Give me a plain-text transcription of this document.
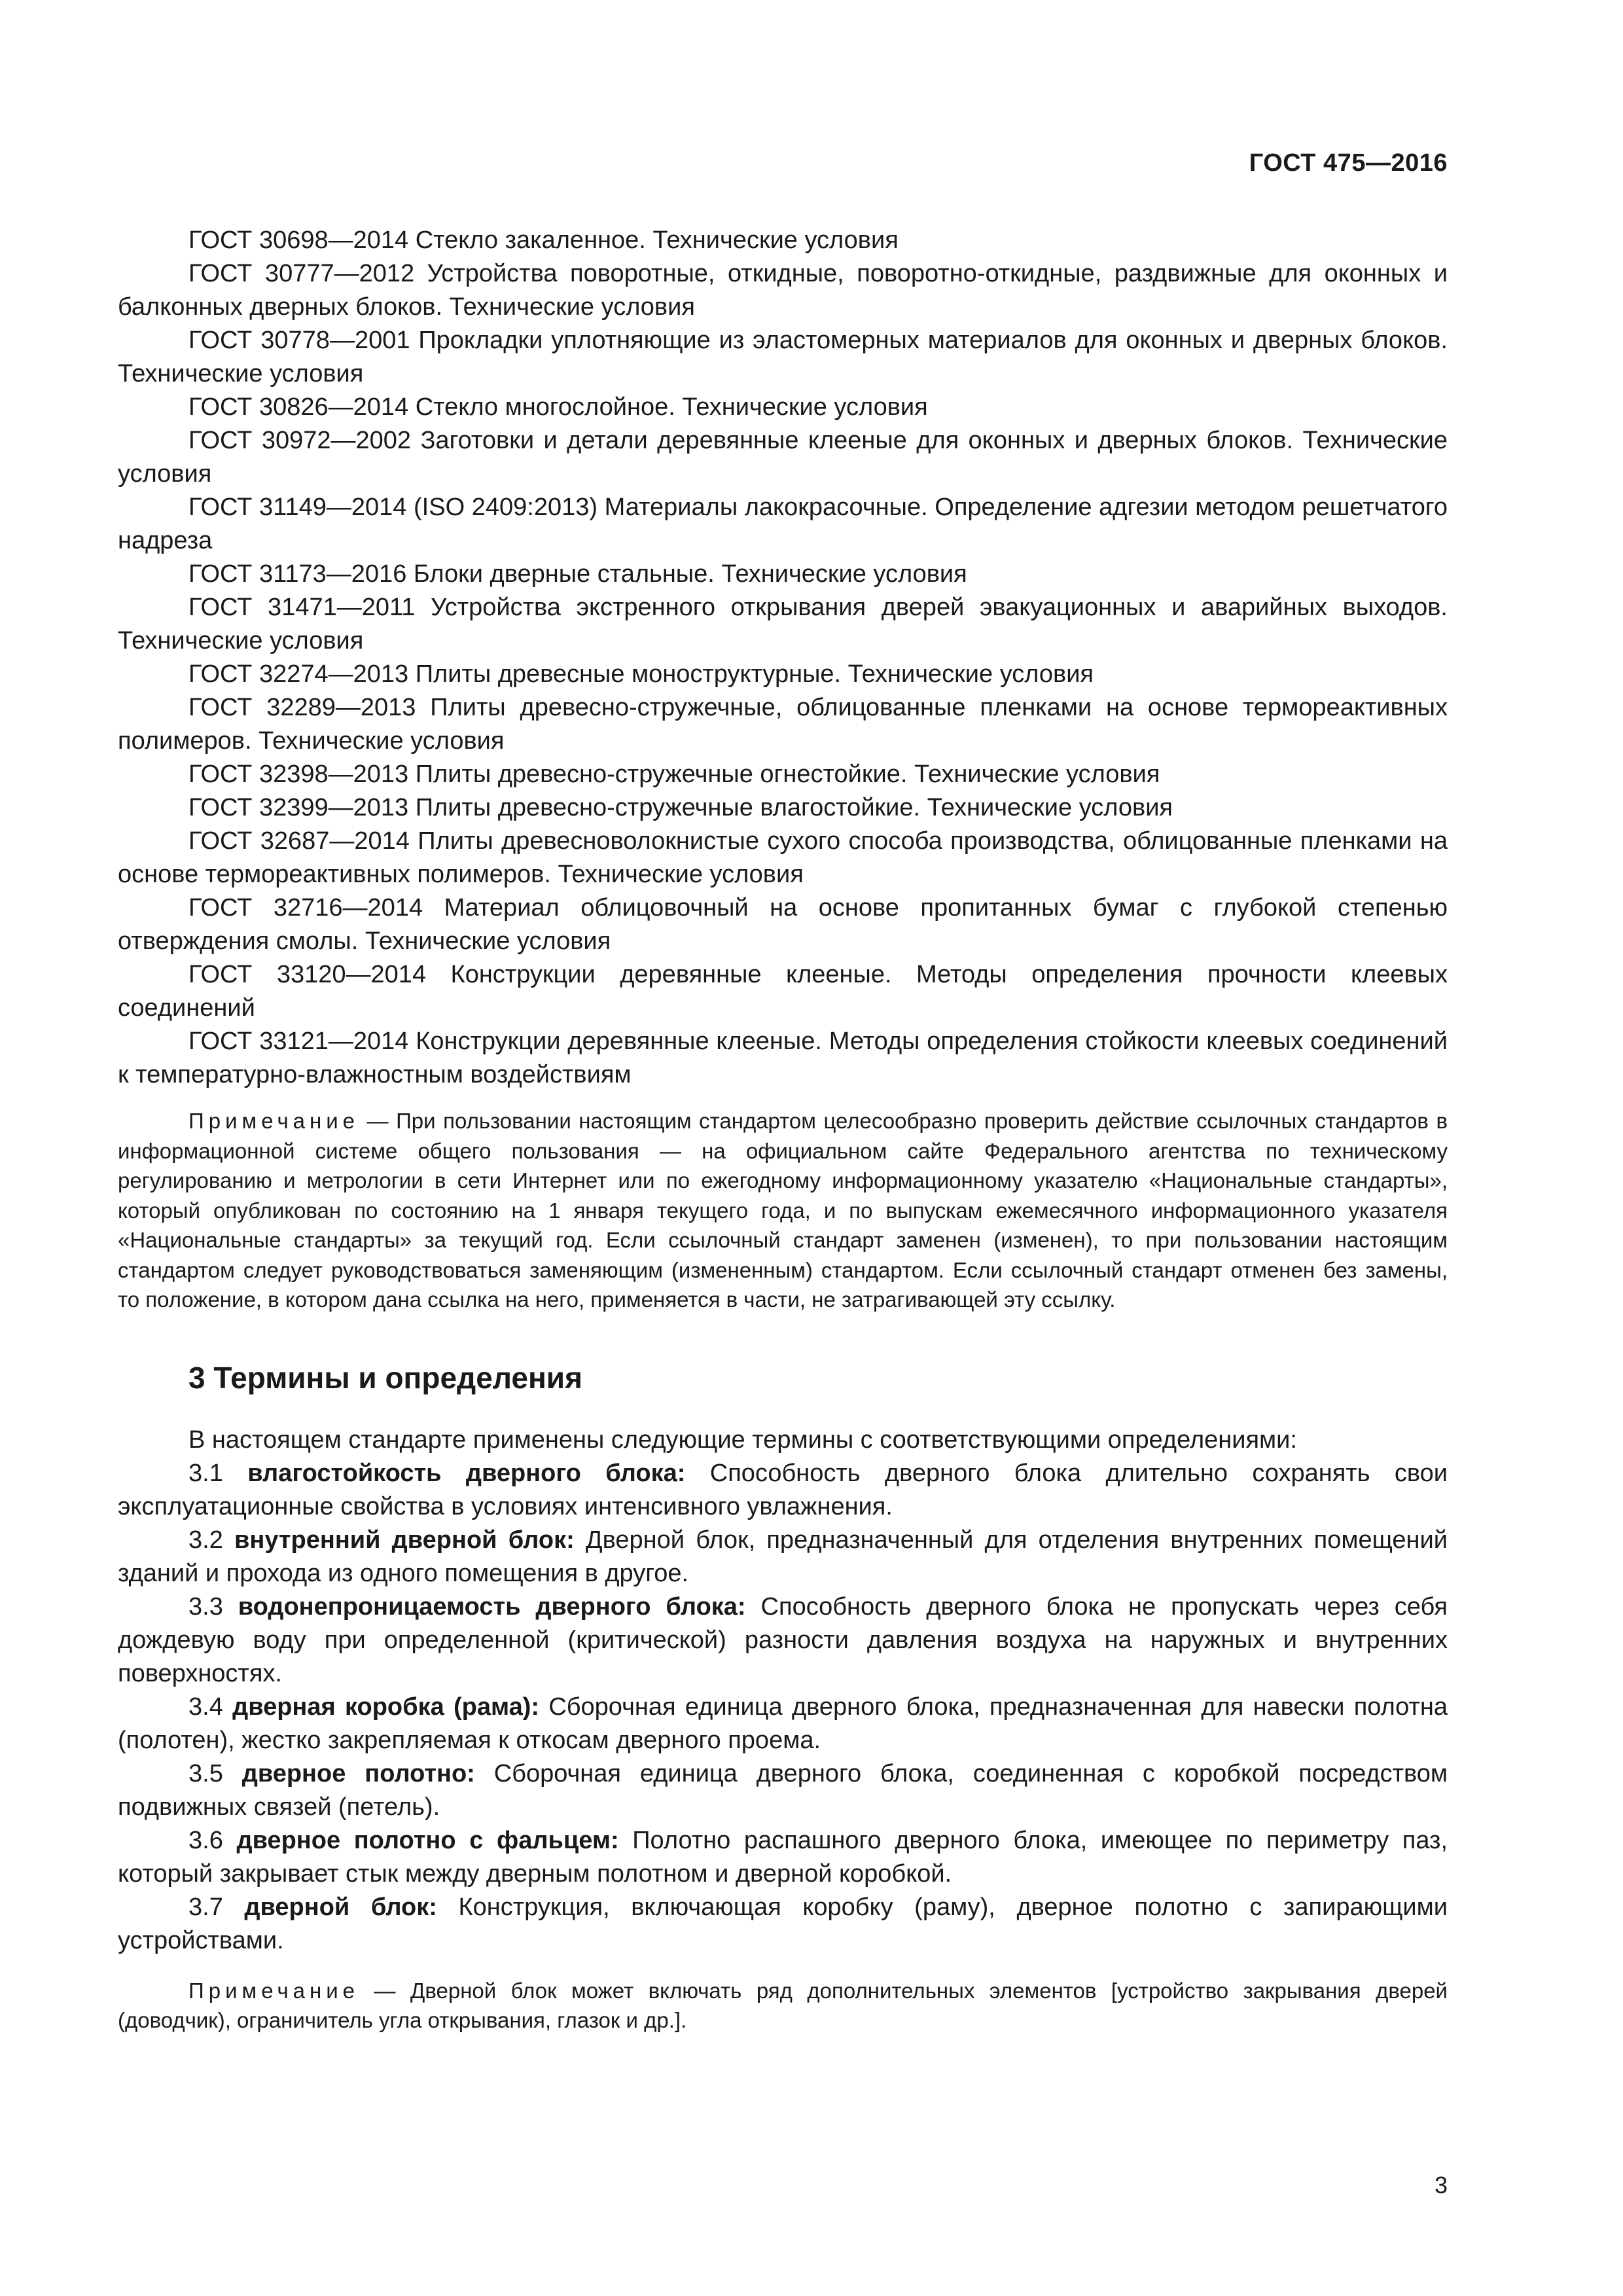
ГОСТ 475—2016

ГОСТ 30698—2014 Стекло закаленное. Технические условия

ГОСТ 30777—2012 Устройства поворотные, откидные, поворотно-откидные, раздвижные для оконных и балконных дверных блоков. Технические условия

ГОСТ 30778—2001 Прокладки уплотняющие из эластомерных материалов для оконных и дверных блоков. Технические условия

ГОСТ 30826—2014 Стекло многослойное. Технические условия

ГОСТ 30972—2002 Заготовки и детали деревянные клееные для оконных и дверных блоков. Технические условия

ГОСТ 31149—2014 (ISO 2409:2013) Материалы лакокрасочные. Определение адгезии методом решетчатого надреза

ГОСТ 31173—2016 Блоки дверные стальные. Технические условия

ГОСТ 31471—2011 Устройства экстренного открывания дверей эвакуационных и аварийных выходов. Технические условия

ГОСТ 32274—2013 Плиты древесные моноструктурные. Технические условия

ГОСТ 32289—2013 Плиты древесно-стружечные, облицованные пленками на основе термореактивных полимеров. Технические условия

ГОСТ 32398—2013 Плиты древесно-стружечные огнестойкие. Технические условия

ГОСТ 32399—2013 Плиты древесно-стружечные влагостойкие. Технические условия

ГОСТ 32687—2014 Плиты древесноволокнистые сухого способа производства, облицованные пленками на основе термореактивных полимеров. Технические условия

ГОСТ 32716—2014 Материал облицовочный на основе пропитанных бумаг с глубокой степенью отверждения смолы. Технические условия

ГОСТ 33120—2014 Конструкции деревянные клееные. Методы определения прочности клеевых соединений

ГОСТ 33121—2014 Конструкции деревянные клееные. Методы определения стойкости клеевых соединений к температурно-влажностным воздействиям

Примечание — При пользовании настоящим стандартом целесообразно проверить действие ссылочных стандартов в информационной системе общего пользования — на официальном сайте Федерального агентства по техническому регулированию и метрологии в сети Интернет или по ежегодному информационному указателю «Национальные стандарты», который опубликован по состоянию на 1 января текущего года, и по выпускам ежемесячного информационного указателя «Национальные стандарты» за текущий год. Если ссылочный стандарт заменен (изменен), то при пользовании настоящим стандартом следует руководствоваться заменяющим (измененным) стандартом. Если ссылочный стандарт отменен без замены, то положение, в котором дана ссылка на него, применяется в части, не затрагивающей эту ссылку.

3 Термины и определения

В настоящем стандарте применены следующие термины с соответствующими определениями:

3.1 влагостойкость дверного блока: Способность дверного блока длительно сохранять свои эксплуатационные свойства в условиях интенсивного увлажнения.

3.2 внутренний дверной блок: Дверной блок, предназначенный для отделения внутренних помещений зданий и прохода из одного помещения в другое.

3.3 водонепроницаемость дверного блока: Способность дверного блока не пропускать через себя дождевую воду при определенной (критической) разности давления воздуха на наружных и внутренних поверхностях.

3.4 дверная коробка (рама): Сборочная единица дверного блока, предназначенная для навески полотна (полотен), жестко закрепляемая к откосам дверного проема.

3.5 дверное полотно: Сборочная единица дверного блока, соединенная с коробкой посредством подвижных связей (петель).

3.6 дверное полотно с фальцем: Полотно распашного дверного блока, имеющее по периметру паз, который закрывает стык между дверным полотном и дверной коробкой.

3.7 дверной блок: Конструкция, включающая коробку (раму), дверное полотно с запирающими устройствами.

Примечание — Дверной блок может включать ряд дополнительных элементов [устройство закрывания дверей (доводчик), ограничитель угла открывания, глазок и др.].

3
